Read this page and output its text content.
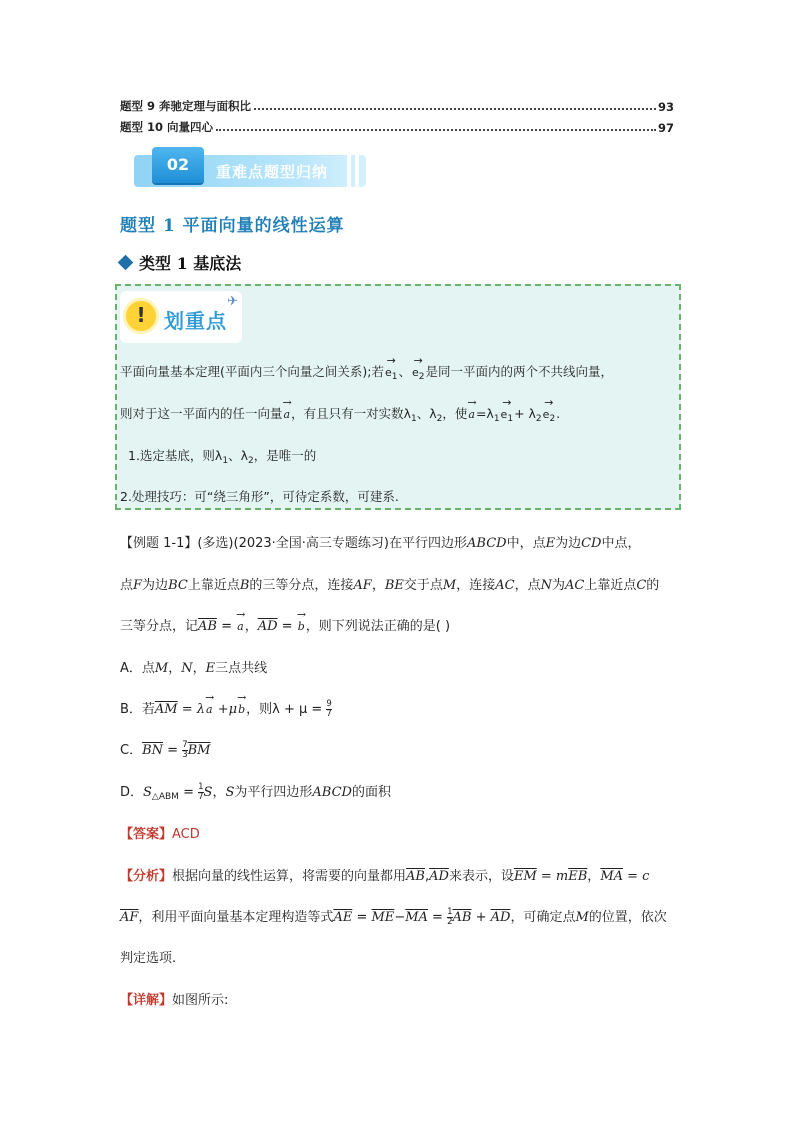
题型 9 奔驰定理与面积比	93
题型 10 向量四心	97
02	重难点题型归纳
题型 1 平面向量的线性运算
类型 1 基底法
!
划重点
✈
平面向量基本定理(平面内三个向量之间关系);若→ $e_1$、→ $e_2$是同一平面内的两个不共线向量，
则对于这一平面内的任一向量→ a，有且只有一对实数$\lambda_1$、$\lambda_2$，使→ $a=\lambda_1\to e_1+ \lambda_2\to e_2$.
1.选定基底，则$\lambda_1$、$\lambda_2$，是唯一的
2.处理技巧：可“绕三角形”，可待定系数，可建系.
【例题 1-1】(多选)(2023·全国·高三专题练习)在平行四边形ABCD中，点E为边CD中点，
点F为边BC上靠近点B的三等分点，连接AF，BE交于点M，连接AC，点N为AC上靠近点C的
三等分点，记$\overline{AB}$ = → a，$\overline{AD}$ = → b，则下列说法正确的是( )
A．点M，N，E三点共线
B．若$\overline{AM} = \lambda\to a +\mu\to b$，则$\lambda + \mu = \frac{9}{7}$
C．$\overline{BN} = \frac{7}{3} \overline{BM}$
D．$S_{\triangle ABM} = \frac{1}{7}$ S，S为平行四边形ABCD的面积
【答案】ACD
【分析】根据向量的线性运算，将需要的向量都用$\overline{AB},\overline{AD}$来表示，设$\overline{EM} = m\overline{EB}$，$\overline{MA} = c$
$\overline{AF}$，利用平面向量基本定理构造等式$\overline{AE} = \overline{ME}-\overline{MA} = \frac{1}{2} \overline{AB} + \overline{AD}$，可确定点M的位置，依次
判定选项.
【详解】如图所示:
